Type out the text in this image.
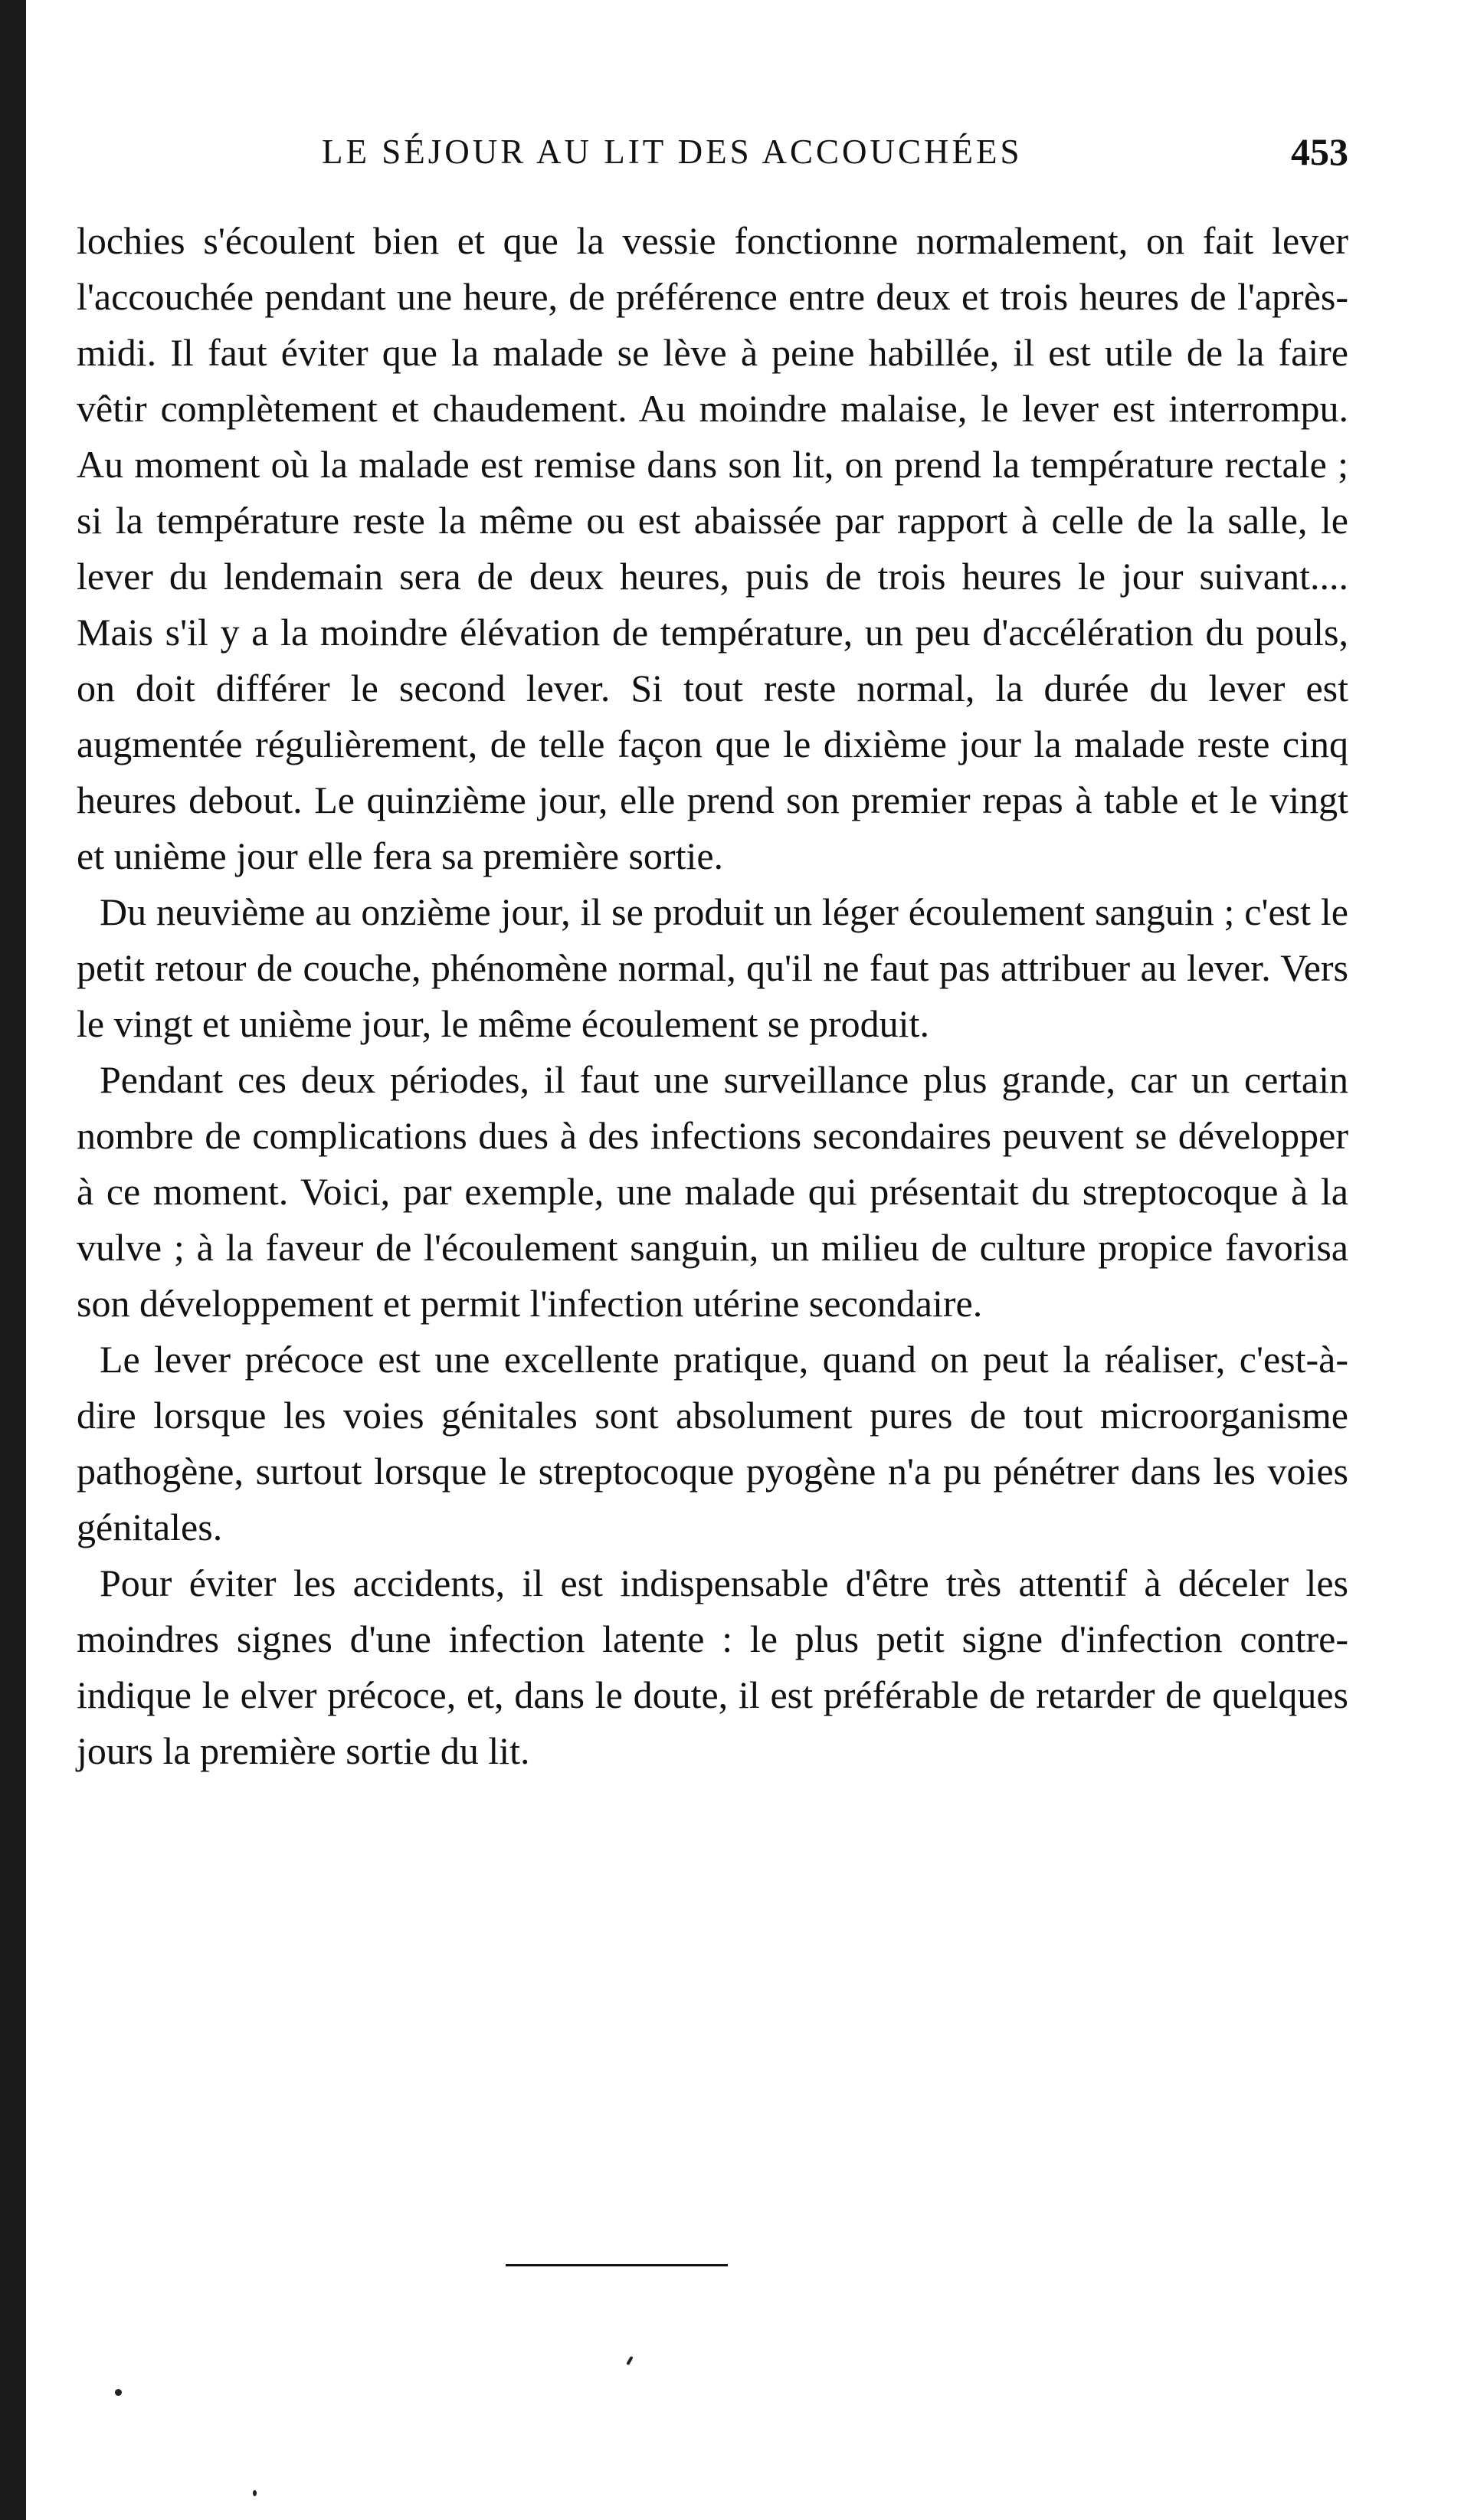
LE SÉJOUR AU LIT DES ACCOUCHÉES	453

lochies s'écoulent bien et que la vessie fonctionne normalement, on fait lever l'accouchée pendant une heure, de préférence entre deux et trois heures de l'après-midi. Il faut éviter que la malade se lève à peine habillée, il est utile de la faire vêtir complètement et chaudement. Au moindre malaise, le lever est interrompu. Au moment où la malade est remise dans son lit, on prend la température rectale ; si la température reste la même ou est abaissée par rapport à celle de la salle, le lever du lendemain sera de deux heures, puis de trois heures le jour suivant.... Mais s'il y a la moindre élévation de température, un peu d'accélération du pouls, on doit différer le second lever. Si tout reste normal, la durée du lever est augmentée régulièrement, de telle façon que le dixième jour la malade reste cinq heures debout. Le quinzième jour, elle prend son premier repas à table et le vingt et unième jour elle fera sa première sortie.

Du neuvième au onzième jour, il se produit un léger écoulement sanguin ; c'est le petit retour de couche, phénomène normal, qu'il ne faut pas attribuer au lever. Vers le vingt et unième jour, le même écoulement se produit.

Pendant ces deux périodes, il faut une surveillance plus grande, car un certain nombre de complications dues à des infections secondaires peuvent se développer à ce moment. Voici, par exemple, une malade qui présentait du streptocoque à la vulve ; à la faveur de l'écoulement sanguin, un milieu de culture propice favorisa son développement et permit l'infection utérine secondaire.

Le lever précoce est une excellente pratique, quand on peut la réaliser, c'est-à-dire lorsque les voies génitales sont absolument pures de tout microorganisme pathogène, surtout lorsque le streptocoque pyogène n'a pu pénétrer dans les voies génitales.

Pour éviter les accidents, il est indispensable d'être très attentif à déceler les moindres signes d'une infection latente : le plus petit signe d'infection contre-indique le elver précoce, et, dans le doute, il est préférable de retarder de quelques jours la première sortie du lit.
